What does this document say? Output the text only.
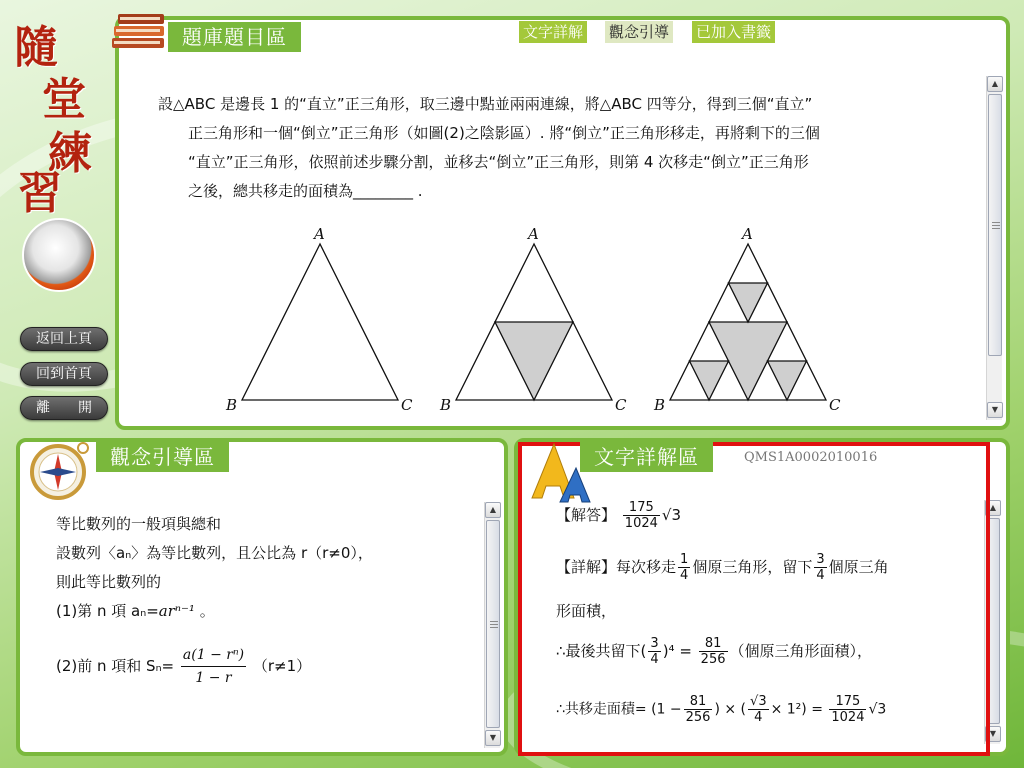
隨
堂
練
習
返回上頁
回到首頁
離　　開
▲
▼
題庫題目區	文字詳解 觀念引導 已加入書籤
設△ABC 是邊長 1 的“直立”正三角形，取三邊中點並兩兩連線，將△ABC 四等分，得到三個“直立”
正三角形和一個“倒立”正三角形（如圖(2)之陰影區）. 將“倒立”正三角形移走，再將剩下的三個
“直立”正三角形，依照前述步驟分割，並移去“倒立”正三角形，則第 4 次移走“倒立”正三角形
之後，總共移走的面積為________ .
A
B	C
A
B	C
A
B	C
▲
▼
觀念引導區
等比數列的一般項與總和
設數列〈aₙ〉為等比數列，且公比為 r（r≠0），
則此等比數列的
(1)第 n 項 aₙ=arⁿ⁻¹ 。
(2)前 n 項和 $S_n= \frac{\text{a(1 − rⁿ)}}{1 - r} (r\ne 1)$
▲
▼
文字詳解區	QMS1A0002010016
【解答】 $\frac{175}{1024} √3$
【詳解】每次移走 $\frac{1}{4}$ 個原三角形，留下 $\frac{3}{4}$ 個原三角
形面積，
∴最後共留下( $\frac{3}{4} )^4 = \frac{81}{256}$ （個原三角形面積），
∴共移走面積= ($1 - \frac{81}{256}$ ) × ( $\frac{√3}{4} \times 1^2) = \frac{175}{1024} √3$
